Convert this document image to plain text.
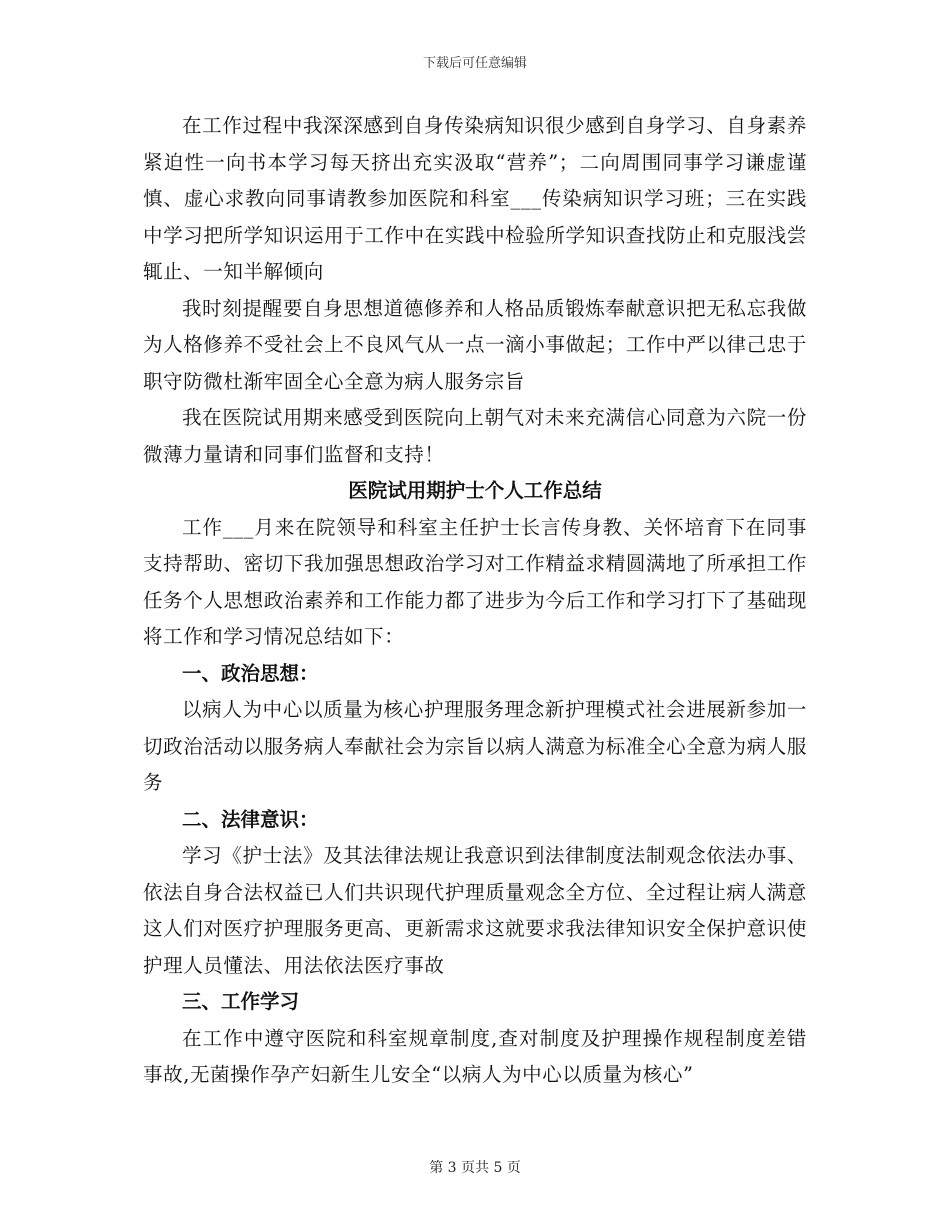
下载后可任意编辑

在工作过程中我深深感到自身传染病知识很少感到自身学习、自身素养紧迫性一向书本学习每天挤出充实汲取“营养”；二向周围同事学习谦虚谨慎、虚心求教向同事请教参加医院和科室___传染病知识学习班；三在实践中学习把所学知识运用于工作中在实践中检验所学知识查找防止和克服浅尝辄止、一知半解倾向

我时刻提醒要自身思想道德修养和人格品质锻炼奉献意识把无私忘我做为人格修养不受社会上不良风气从一点一滴小事做起；工作中严以律己忠于职守防微杜渐牢固全心全意为病人服务宗旨

我在医院试用期来感受到医院向上朝气对未来充满信心同意为六院一份微薄力量请和同事们监督和支持！

医院试用期护士个人工作总结

工作___月来在院领导和科室主任护士长言传身教、关怀培育下在同事支持帮助、密切下我加强思想政治学习对工作精益求精圆满地了所承担工作任务个人思想政治素养和工作能力都了进步为今后工作和学习打下了基础现将工作和学习情况总结如下：

一、政治思想：

以病人为中心以质量为核心护理服务理念新护理模式社会进展新参加一切政治活动以服务病人奉献社会为宗旨以病人满意为标准全心全意为病人服务

二、法律意识：

学习《护士法》及其法律法规让我意识到法律制度法制观念依法办事、依法自身合法权益已人们共识现代护理质量观念全方位、全过程让病人满意这人们对医疗护理服务更高、更新需求这就要求我法律知识安全保护意识使护理人员懂法、用法依法医疗事故

三、工作学习

在工作中遵守医院和科室规章制度,查对制度及护理操作规程制度差错事故,无菌操作孕产妇新生儿安全“以病人为中心以质量为核心”

第 3 页共 5 页
